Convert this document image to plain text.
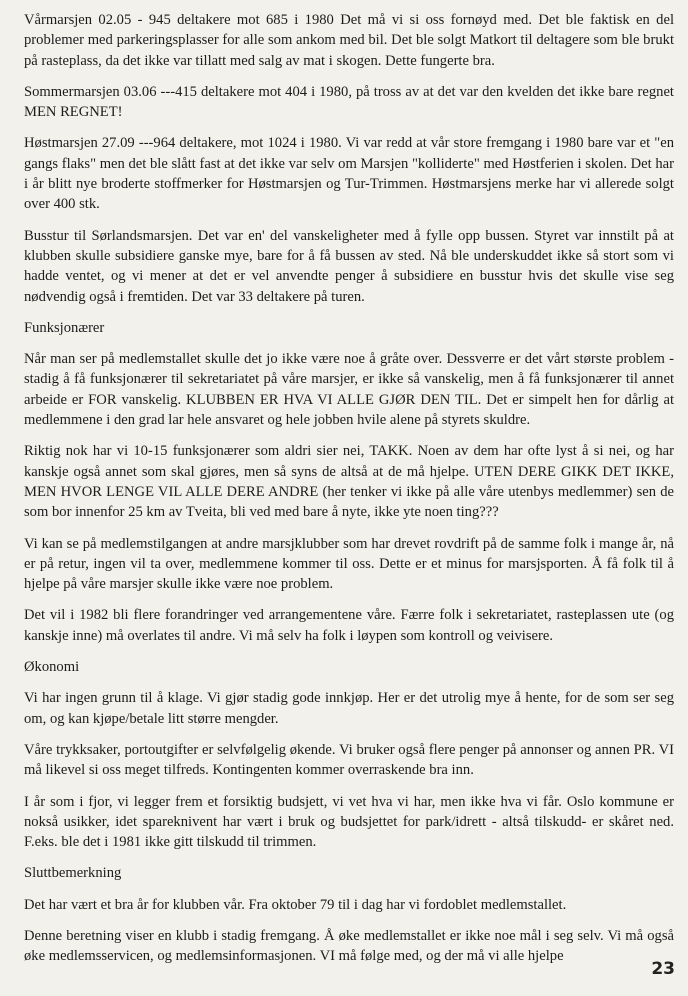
Vårmarsjen 02.05 - 945 deltakere mot 685 i 1980 Det må vi si oss fornøyd med. Det ble faktisk en del problemer med parkeringsplasser for alle som ankom med bil. Det ble solgt Matkort til deltagere som ble brukt på rasteplass, da det ikke var tillatt med salg av mat i skogen. Dette fungerte bra.

Sommermarsjen 03.06 ---415 deltakere mot 404 i 1980, på tross av at det var den kvelden det ikke bare regnet MEN REGNET!

Høstmarsjen 27.09 ---964 deltakere, mot 1024 i 1980. Vi var redd at vår store fremgang i 1980 bare var et "en gangs flaks" men det ble slått fast at det ikke var selv om Marsjen "kolliderte" med Høstferien i skolen. Det har i år blitt nye broderte stoffmerker for Høstmarsjen og Tur-Trimmen. Høstmarsjens merke har vi allerede solgt over 400 stk.

Busstur til Sørlandsmarsjen. Det var en' del vanskeligheter med å fylle opp bussen. Styret var innstilt på at klubben skulle subsidiere ganske mye, bare for å få bussen av sted. Nå ble underskuddet ikke så stort som vi hadde ventet, og vi mener at det er vel anvendte penger å subsidiere en busstur hvis det skulle vise seg nødvendig også i fremtiden. Det var 33 deltakere på turen.

Funksjonærer

Når man ser på medlemstallet skulle det jo ikke være noe å gråte over. Dessverre er det vårt største problem -stadig å få funksjonærer til sekretariatet på våre marsjer, er ikke så vanskelig, men å få funksjonærer til annet arbeide er FOR vanskelig. KLUBBEN ER HVA VI ALLE GJØR DEN TIL. Det er simpelt hen for dårlig at medlemmene i den grad lar hele ansvaret og hele jobben hvile alene på styrets skuldre.

Riktig nok har vi 10-15 funksjonærer som aldri sier nei, TAKK. Noen av dem har ofte lyst å si nei, og har kanskje også annet som skal gjøres, men så syns de altså at de må hjelpe. UTEN DERE GIKK DET IKKE, MEN HVOR LENGE VIL ALLE DERE ANDRE (her tenker vi ikke på alle våre utenbys medlemmer) sen de som bor innenfor 25 km av Tveita, bli ved med bare å nyte, ikke yte noen ting???

Vi kan se på medlemstilgangen at andre marsjklubber som har drevet rovdrift på de samme folk i mange år, nå er på retur, ingen vil ta over, medlemmene kommer til oss. Dette er et minus for marsjsporten. Å få folk til å hjelpe på våre marsjer skulle ikke være noe problem.

Det vil i 1982 bli flere forandringer ved arrangementene våre. Færre folk i sekretariatet, rasteplassen ute (og kanskje inne) må overlates til andre. Vi må selv ha folk i løypen som kontroll og veivisere.

Økonomi

Vi har ingen grunn til å klage. Vi gjør stadig gode innkjøp. Her er det utrolig mye å hente, for de som ser seg om, og kan kjøpe/betale litt større mengder.

Våre trykksaker, portoutgifter er selvfølgelig økende. Vi bruker også flere penger på annonser og annen PR. VI må likevel si oss meget tilfreds. Kontingenten kommer overraskende bra inn.

I år som i fjor, vi legger frem et forsiktig budsjett, vi vet hva vi har, men ikke hva vi får. Oslo kommune er nokså usikker, idet spareknivent har vært i bruk og budsjettet for park/idrett - altså tilskudd- er skåret ned. F.eks. ble det i 1981 ikke gitt tilskudd til trimmen.

Sluttbemerkning

Det har vært et bra år for klubben vår. Fra oktober 79 til i dag har vi fordoblet medlemstallet.

Denne beretning viser en klubb i stadig fremgang. Å øke medlemstallet er ikke noe mål i seg selv. Vi må også øke medlemsservicen, og medlemsinformasjonen. VI må følge med, og der må vi alle hjelpe

23
